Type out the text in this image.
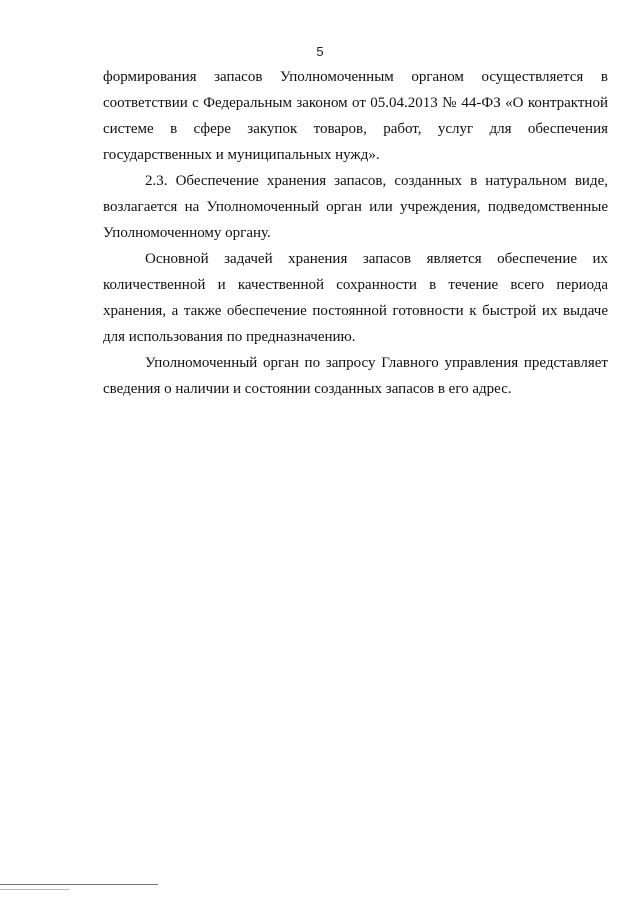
5

формирования запасов Уполномоченным органом осуществляется в соответствии с Федеральным законом от 05.04.2013 № 44-ФЗ «О контрактной системе в сфере закупок товаров, работ, услуг для обеспечения государственных и муниципальных нужд».

2.3. Обеспечение хранения запасов, созданных в натуральном виде, возлагается на Уполномоченный орган или учреждения, подведомственные Уполномоченному органу.

Основной задачей хранения запасов является обеспечение их количественной и качественной сохранности в течение всего периода хранения, а также обеспечение постоянной готовности к быстрой их выдаче для использования по предназначению.

Уполномоченный орган по запросу Главного управления представляет сведения о наличии и состоянии созданных запасов в его адрес.
